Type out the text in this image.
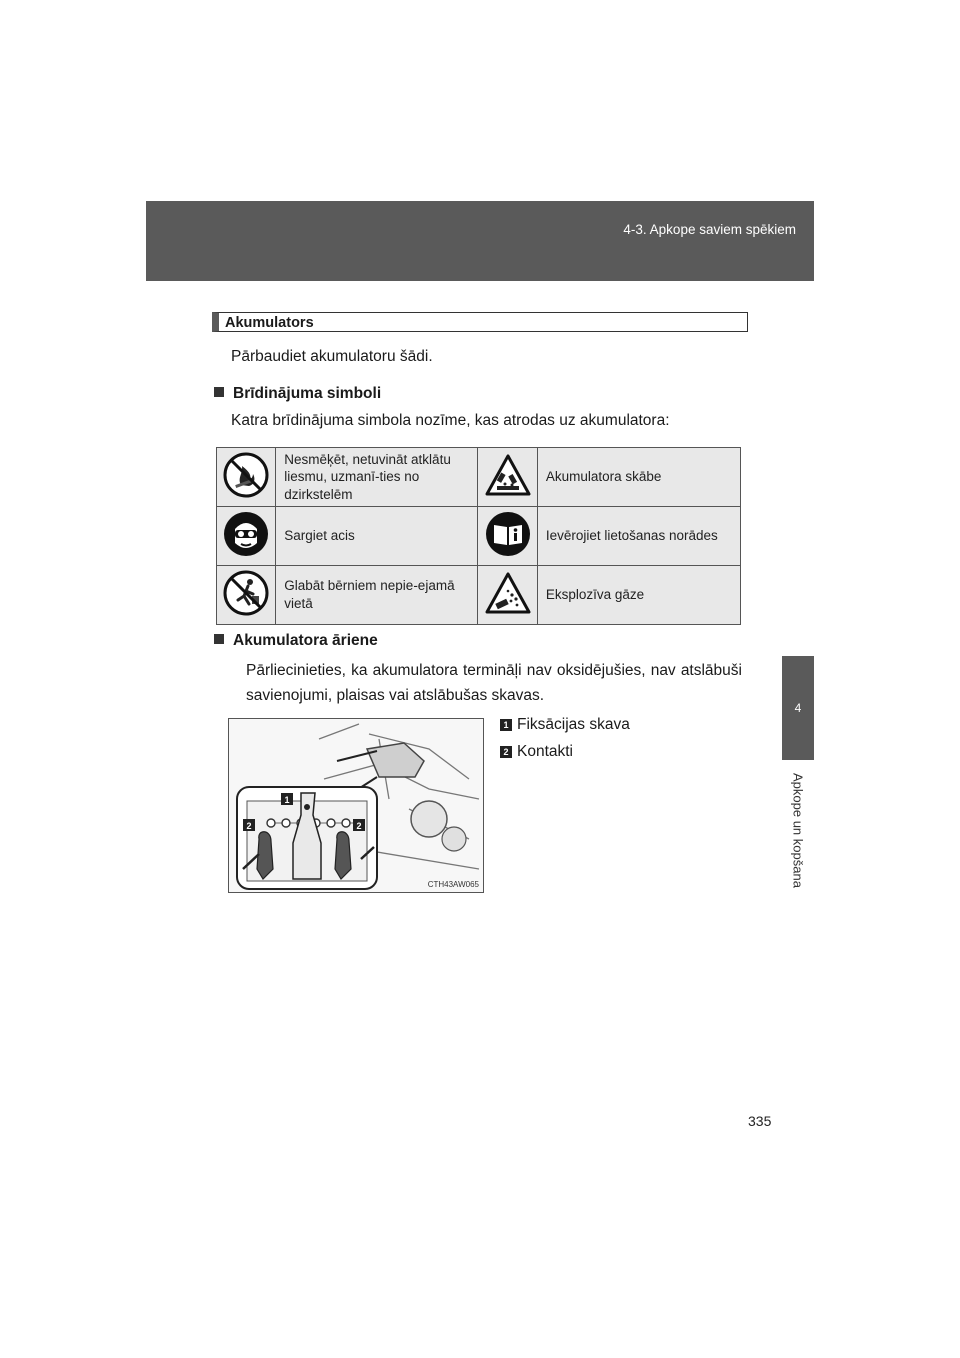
4-3. Apkope saviem spēkiem
4
Apkope un kopšana
Akumulators
Pārbaudiet akumulatoru šādi.
Brīdinājuma simboli
Katra brīdinājuma simbola nozīme, kas atrodas uz akumulatora:
	Nesmēķēt, netuvināt atklātu liesmu, uzmanī-ties no dzirkstelēm		Akumulatora skābe
	Sargiet acis		Ievērojiet lietošanas norādes
	Glabāt bērniem nepie-ejamā vietā		Eksplozīva gāze
Akumulatora āriene
Pārliecinieties, ka akumulatora termināļi nav oksidējušies, nav atslābuši savienojumi, plaisas vai atslābušas skavas.
1
2	2
CTH43AW065
1 Fiksācijas skava
2 Kontakti
335
